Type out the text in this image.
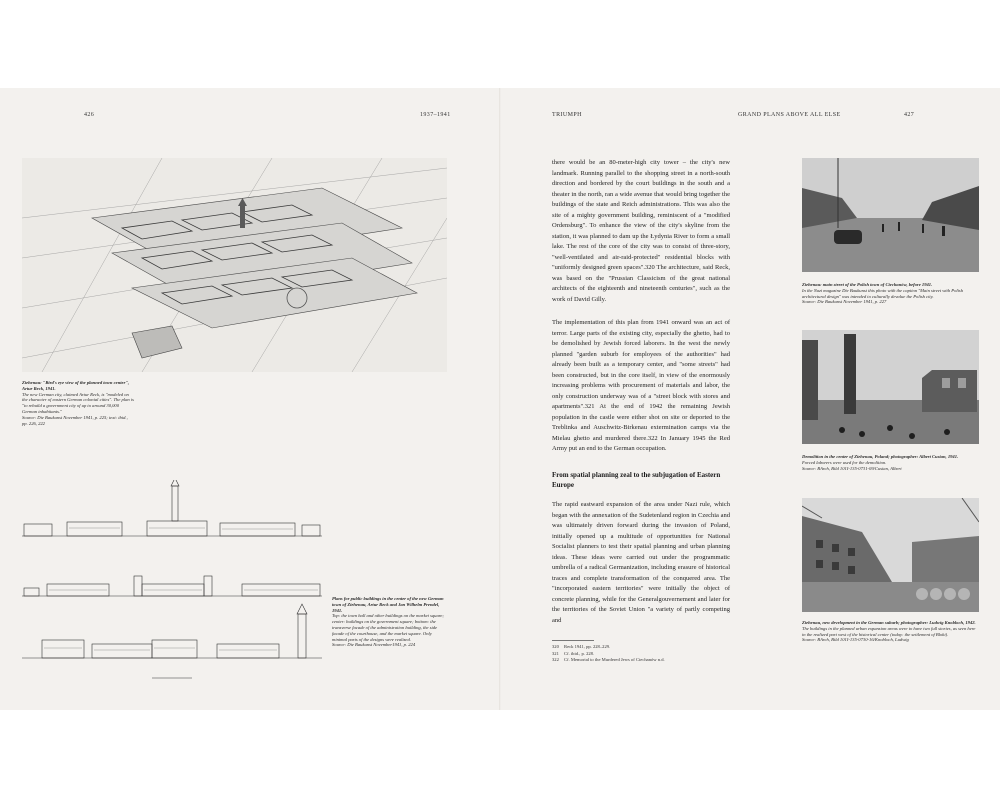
426	1937–1941	TRIUMPH	GRAND PLANS ABOVE ALL ELSE	427

Ziehenau: "Bird's eye view of the planned town center", Artur Reck, 1941.

The new German city, claimed Artur Reck, is "modeled on the character of eastern German colonial cities". The plan is "to rebuild a government city of up to around 30,000 German inhabitants."

Source: Die Baukunst November 1941, p. 225; text: ibid., pp. 226, 222

Plans for public buildings in the center of the new German town of Ziehenau, Artur Reck and Jan Wilhelm Prendel, 1941.

Top: the town hall and other buildings on the market square; center: buildings on the government square; bottom: the transverse facade of the administration building, the side facade of the courthouse, and the market square. Only minimal parts of the designs were realized.

Source: Die Baukunst November1941, p. 224

there would be an 80-meter-high city tower – the city's new landmark. Running parallel to the shopping street in a north-south direction and bordered by the court buildings in the south and a theater in the north, ran a wide avenue that would bring together the buildings of the state and Reich administrations. This was also the site of a mighty government building, reminiscent of a "modified Ordensburg". To enhance the view of the city's skyline from the station, it was planned to dam up the Łydynia River to form a small lake. The rest of the core of the city was to consist of three-story, "well-ventilated and air-raid-protected" residential blocks with "uniformly designed green spaces".320 The architecture, said Reck, was based on the "Prussian Classicism of the great national architects of the eighteenth and nineteenth centuries", such as the work of David Gilly.

The implementation of this plan from 1941 onward was an act of terror. Large parts of the existing city, especially the ghetto, had to be demolished by Jewish forced laborers. In the west the newly planned "garden suburb for employees of the authorities" had already been built as a temporary center, and "some streets" had been constructed, but in the core itself, in view of the enormously increasing problems with procurement of materials and labor, the only construction underway was of a "street block with stores and apartments".321 At the end of 1942 the remaining Jewish population in the castle were either shot on site or deported to the Treblinka and Auschwitz-Birkenau extermination camps via the Mielau ghetto and murdered there.322 In January 1945 the Red Army put an end to the German occupation.

From spatial planning zeal to the subjugation of Eastern Europe

The rapid eastward expansion of the area under Nazi rule, which began with the annexation of the Sudetenland region in Czechia and was ultimately driven forward during the invasion of Poland, initially opened up a multitude of opportunities for National Socialist planners to test their spatial planning and urban planning ideas. These ideas were carried out under the programmatic umbrella of a radical Germanization, including erasure of historical traces and complete transformation of the conquered area. The "incorporated eastern territories" were initially the object of concrete planning, while for the Generalgouvernement and later for the territories of the Soviet Union "a variety of partly competing and

320 Reck 1941, pp. 228–229.
321 Cf. ibid., p. 228.
322 Cf. Memorial to the Murdered Jews of Ciechanów n.d.

Ziehenau: main street of the Polish town of Ciechanów, before 1941.

In the Nazi magazine Die Baukunst this photo with the caption "Main street with Polish architectural design" was intended to culturally devalue the Polish city.

Source: Die Baukunst November 1941, p. 227

Demolition in the center of Ziehenau, Poland; photographer: Albert Cusian, 1941.

Forced laborers were used for the demolition.

Source: BArch, Bild 101I-135-0731-09/Cusian, Albert

Ziehenau, new development in the German suburb; photographer: Ludwig Knobloch, 1942.

The buildings in the planned urban expansion areas were to have two full stories, as seen here in the realized part west of the historical center (today: the settlement of Bloki).

Source: BArch, Bild 101I-135-0730-16/Knobloch, Ludwig
